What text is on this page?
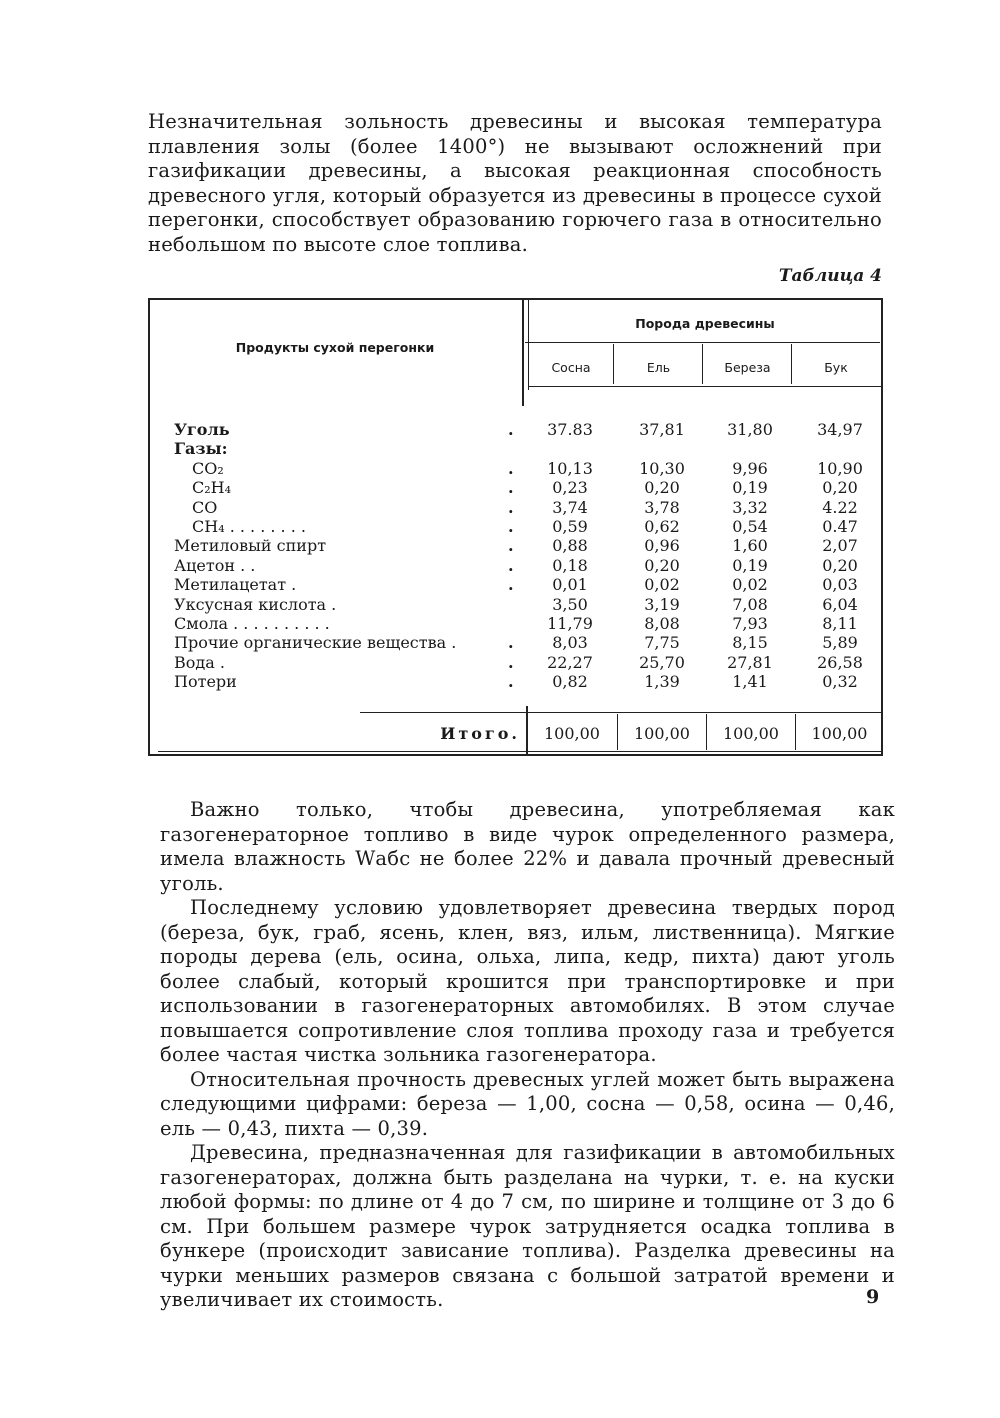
Незначительная зольность древесины и высокая температура плавления золы (более 1400°) не вызывают осложнений при газификации древесины, а высокая реакционная способность древесного угля, который образуется из древесины в процессе сухой перегонки, способствует образованию горючего газа в относительно небольшом по высоте слое топлива.
Таблица 4
Продукты сухой перегонки
Порода древесины
Сосна	Ель	Береза	Бук
Уголь	.	37.83	37,81	31,80	34,97
Газы:
CO₂	.	10,13	10,30	9,96	10,90
C₂H₄	.	0,23	0,20	0,19	0,20
CO	.	3,74	3,78	3,32	4.22
CH₄ . . . . . . . .	.	0,59	0,62	0,54	0.47
Метиловый спирт	.	0,88	0,96	1,60	2,07
Ацетон . .	.	0,18	0,20	0,19	0,20
Метилацетат .	.	0,01	0,02	0,02	0,03
Уксусная кислота .	3,50	3,19	7,08	6,04
Смола . . . . . . . . . .	11,79	8,08	7,93	8,11
Прочие органические вещества .	.	8,03	7,75	8,15	5,89
Вода .	.	22,27	25,70	27,81	26,58
Потери	.	0,82	1,39	1,41	0,32
Итого.	100,00	100,00	100,00	100,00

Важно только, чтобы древесина, употребляемая как газогенераторное топливо в виде чурок определенного размера, имела влажность Wабс не более 22% и давала прочный древесный уголь.

Последнему условию удовлетворяет древесина твердых пород (береза, бук, граб, ясень, клен, вяз, ильм, лиственница). Мягкие породы дерева (ель, осина, ольха, липа, кедр, пихта) дают уголь более слабый, который крошится при транспортировке и при использовании в газогенераторных автомобилях. В этом случае повышается сопротивление слоя топлива проходу газа и требуется более частая чистка зольника газогенератора.

Относительная прочность древесных углей может быть выражена следующими цифрами: береза — 1,00, сосна — 0,58, осина — 0,46, ель — 0,43, пихта — 0,39.

Древесина, предназначенная для газификации в автомобильных газогенераторах, должна быть разделана на чурки, т. е. на куски любой формы: по длине от 4 до 7 см, по ширине и толщине от 3 до 6 см. При большем размере чурок затрудняется осадка топлива в бункере (происходит зависание топлива). Разделка древесины на чурки меньших размеров связана с большой затратой времени и увеличивает их стоимость.	9
